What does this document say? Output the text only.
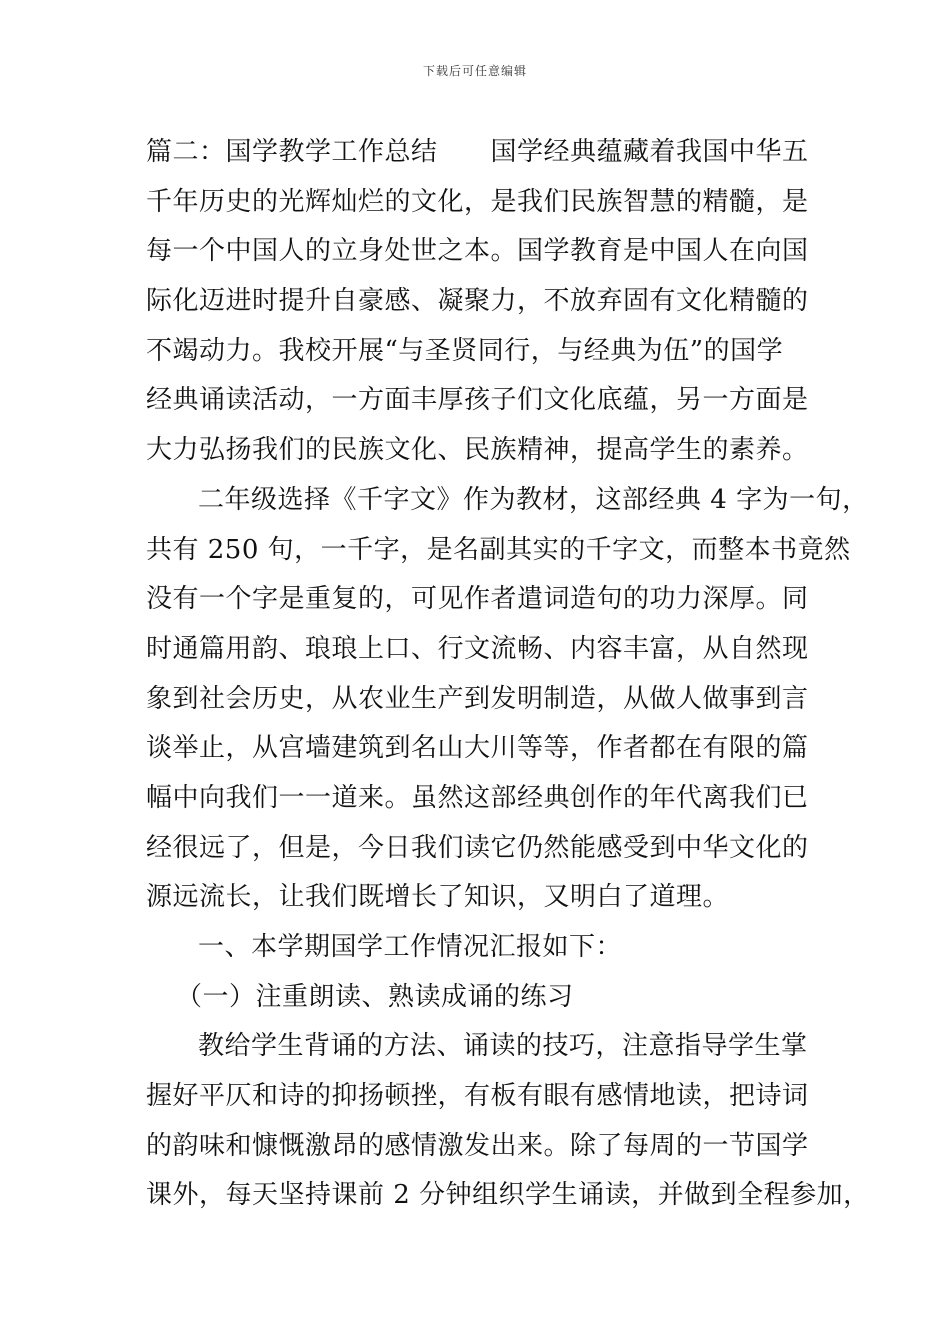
下载后可任意编辑
篇二：国学教学工作总结　　国学经典蕴藏着我国中华五
千年历史的光辉灿烂的文化，是我们民族智慧的精髓，是
每一个中国人的立身处世之本。国学教育是中国人在向国
际化迈进时提升自豪感、凝聚力，不放弃固有文化精髓的
不竭动力。我校开展“与圣贤同行，与经典为伍”的国学
经典诵读活动，一方面丰厚孩子们文化底蕴，另一方面是
大力弘扬我们的民族文化、民族精神，提高学生的素养。
二年级选择《千字文》作为教材，这部经典 4 字为一句，
共有 250 句，一千字，是名副其实的千字文，而整本书竟然
没有一个字是重复的，可见作者遣词造句的功力深厚。同
时通篇用韵、琅琅上口、行文流畅、内容丰富，从自然现
象到社会历史，从农业生产到发明制造，从做人做事到言
谈举止，从宫墙建筑到名山大川等等，作者都在有限的篇
幅中向我们一一道来。虽然这部经典创作的年代离我们已
经很远了，但是，今日我们读它仍然能感受到中华文化的
源远流长，让我们既增长了知识，又明白了道理。
一、本学期国学工作情况汇报如下：
（一）注重朗读、熟读成诵的练习
教给学生背诵的方法、诵读的技巧，注意指导学生掌
握好平仄和诗的抑扬顿挫，有板有眼有感情地读，把诗词
的韵味和慷慨激昂的感情激发出来。除了每周的一节国学
课外，每天坚持课前 2 分钟组织学生诵读，并做到全程参加，
